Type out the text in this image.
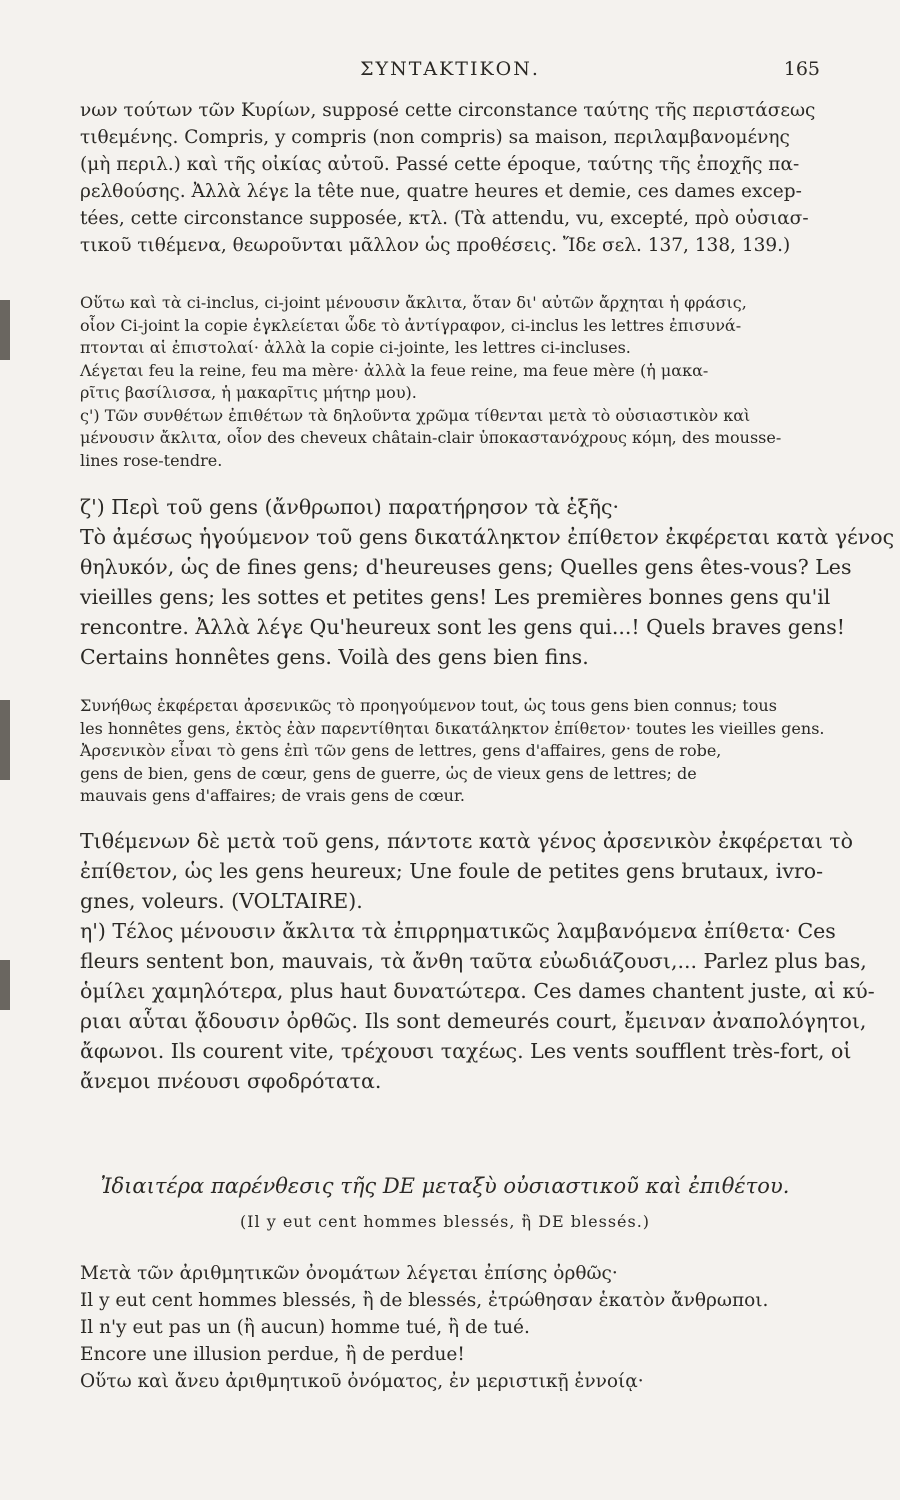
ΣΥΝΤΑΚΤΙΚΟΝ.	165
νων τούτων τῶν Κυρίων, supposé cette circonstance ταύτης τῆς περιστάσεως
τιθεμένης. Compris, y compris (non compris) sa maison, περιλαμβανομένης
(μὴ περιλ.) καὶ τῆς οἰκίας αὐτοῦ. Passé cette époque, ταύτης τῆς ἐποχῆς πα-
ρελθούσης. Ἀλλὰ λέγε la tête nue, quatre heures et demie, ces dames excep-
tées, cette circonstance supposée, κτλ. (Τὰ attendu, vu, excepté, πρὸ οὐσιασ-
τικοῦ τιθέμενα, θεωροῦνται μᾶλλον ὡς προθέσεις. Ἴδε σελ. 137, 138, 139.)
Οὕτω καὶ τὰ ci-inclus, ci-joint μένουσιν ἄκλιτα, ὅταν δι' αὐτῶν ἄρχηται ἡ φράσις,
οἷον Ci-joint la copie ἐγκλείεται ὧδε τὸ ἀντίγραφον, ci-inclus les lettres ἐπισυνά-
πτονται αἱ ἐπιστολαί· ἀλλὰ la copie ci-jointe, les lettres ci-incluses.
Λέγεται feu la reine, feu ma mère· ἀλλὰ la feue reine, ma feue mère (ἡ μακα-
ρῖτις βασίλισσα, ἡ μακαρῖτις μήτηρ μου).
ς') Τῶν συνθέτων ἐπιθέτων τὰ δηλοῦντα χρῶμα τίθενται μετὰ τὸ οὐσιαστικὸν καὶ
μένουσιν ἄκλιτα, οἷον des cheveux châtain-clair ὑποκαστανόχρους κόμη, des mousse-
lines rose-tendre.
ζ') Περὶ τοῦ gens (ἄνθρωποι) παρατήρησον τὰ ἑξῆς·
Τὸ ἀμέσως ἡγούμενον τοῦ gens δικατάληκτον ἐπίθετον ἐκφέρεται κατὰ γένος
θηλυκόν, ὡς de fines gens; d'heureuses gens; Quelles gens êtes-vous? Les
vieilles gens; les sottes et petites gens! Les premières bonnes gens qu'il
rencontre. Ἀλλὰ λέγε Qu'heureux sont les gens qui...! Quels braves gens!
Certains honnêtes gens. Voilà des gens bien fins.
Συνήθως ἐκφέρεται ἀρσενικῶς τὸ προηγούμενον tout, ὡς tous gens bien connus; tous
les honnêtes gens, ἐκτὸς ἐὰν παρεντίθηται δικατάληκτον ἐπίθετον· toutes les vieilles gens.
Ἀρσενικὸν εἶναι τὸ gens ἐπὶ τῶν gens de lettres, gens d'affaires, gens de robe,
gens de bien, gens de cœur, gens de guerre, ὡς de vieux gens de lettres; de
mauvais gens d'affaires; de vrais gens de cœur.
Τιθέμενων δὲ μετὰ τοῦ gens, πάντοτε κατὰ γένος ἀρσενικὸν ἐκφέρεται τὸ
ἐπίθετον, ὡς les gens heureux; Une foule de petites gens brutaux, ivro-
gnes, voleurs. (VOLTAIRE).
η') Τέλος μένουσιν ἄκλιτα τὰ ἐπιρρηματικῶς λαμβανόμενα ἐπίθετα· Ces
fleurs sentent bon, mauvais, τὰ ἄνθη ταῦτα εὐωδιάζουσι,... Parlez plus bas,
ὁμίλει χαμηλότερα, plus haut δυνατώτερα. Ces dames chantent juste, αἱ κύ-
ριαι αὗται ᾄδουσιν ὀρθῶς. Ils sont demeurés court, ἔμειναν ἀναπολόγητοι,
ἄφωνοι. Ils courent vite, τρέχουσι ταχέως. Les vents soufflent très-fort, οἱ
ἄνεμοι πνέουσι σφοδρότατα.
Ἰδιαιτέρα παρένθεσις τῆς DE μεταξὺ οὐσιαστικοῦ καὶ ἐπιθέτου.
(Il y eut cent hommes blessés, ἢ DE blessés.)
Μετὰ τῶν ἀριθμητικῶν ὀνομάτων λέγεται ἐπίσης ὀρθῶς·
Il y eut cent hommes blessés, ἢ de blessés, ἐτρώθησαν ἑκατὸν ἄνθρωποι.
Il n'y eut pas un (ἢ aucun) homme tué, ἢ de tué.
Encore une illusion perdue, ἢ de perdue!
Οὕτω καὶ ἄνευ ἀριθμητικοῦ ὀνόματος, ἐν μεριστικῇ ἐννοίᾳ·
